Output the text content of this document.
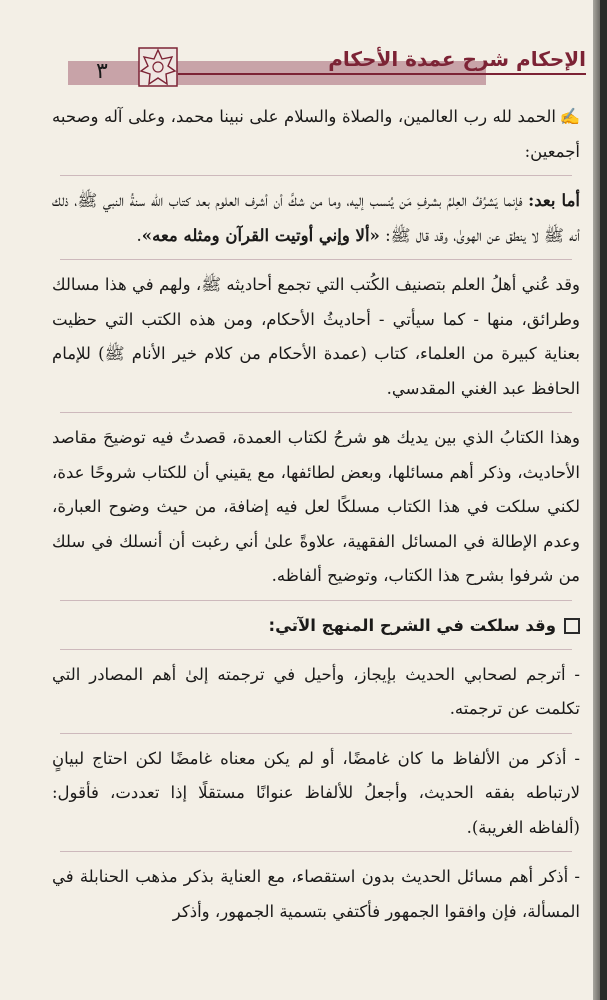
٣	الإحكام شرح عمدة الأحكام

✍الحمد لله رب العالمين، والصلاة والسلام على نبينا محمد، وعلى آله وصحبه أجمعين:

أما بعد: فإنما يَشرُفُ العِلمُ بشرفِ مَن يُنسب إليه، وما من شكَّ أن أشرف العلوم بعد كتاب الله سنةُ النبي ﷺ، ذلك أنه ﷺ لا ينطق عن الهوىٰ، وقد قال ﷺ: «ألا وإني أوتيت القرآن ومثله معه».

وقد عُني أهلُ العلم بتصنيف الكُتب التي تجمع أحاديثه ﷺ، ولهم في هذا مسالك وطرائق، منها - كما سيأتي - أحاديثُ الأحكام، ومن هذه الكتب التي حظيت بعناية كبيرة من العلماء، كتاب (عمدة الأحكام من كلام خير الأنام ﷺ) للإمام الحافظ عبد الغني المقدسي.

وهذا الكتابُ الذي بين يديك هو شرحُ لكتاب العمدة، قصدتُ فيه توضيحَ مقاصد الأحاديث، وذكر أهم مسائلها، وبعض لطائفها، مع يقيني أن للكتاب شروحًا عدة، لكني سلكت في هذا الكتاب مسلكًا لعل فيه إضافة، من حيث وضوح العبارة، وعدم الإطالة في المسائل الفقهية، علاوةً علىٰ أني رغبت أن أنسلك في سلك من شرفوا بشرح هذا الكتاب، وتوضيح ألفاظه.

وقد سلكت في الشرح المنهج الآتي:

- أترجم لصحابي الحديث بإيجاز، وأحيل في ترجمته إلىٰ أهم المصادر التي تكلمت عن ترجمته.

- أذكر من الألفاظ ما كان غامضًا، أو لم يكن معناه غامضًا لكن احتاج لبيانٍ لارتباطه بفقه الحديث، وأجعلُ للألفاظ عنوانًا مستقلًا إذا تعددت، فأقول: (ألفاظه الغريبة).

- أذكر أهم مسائل الحديث بدون استقصاء، مع العناية بذكر مذهب الحنابلة في المسألة، فإن وافقوا الجمهور فأكتفي بتسمية الجمهور، وأذكر
